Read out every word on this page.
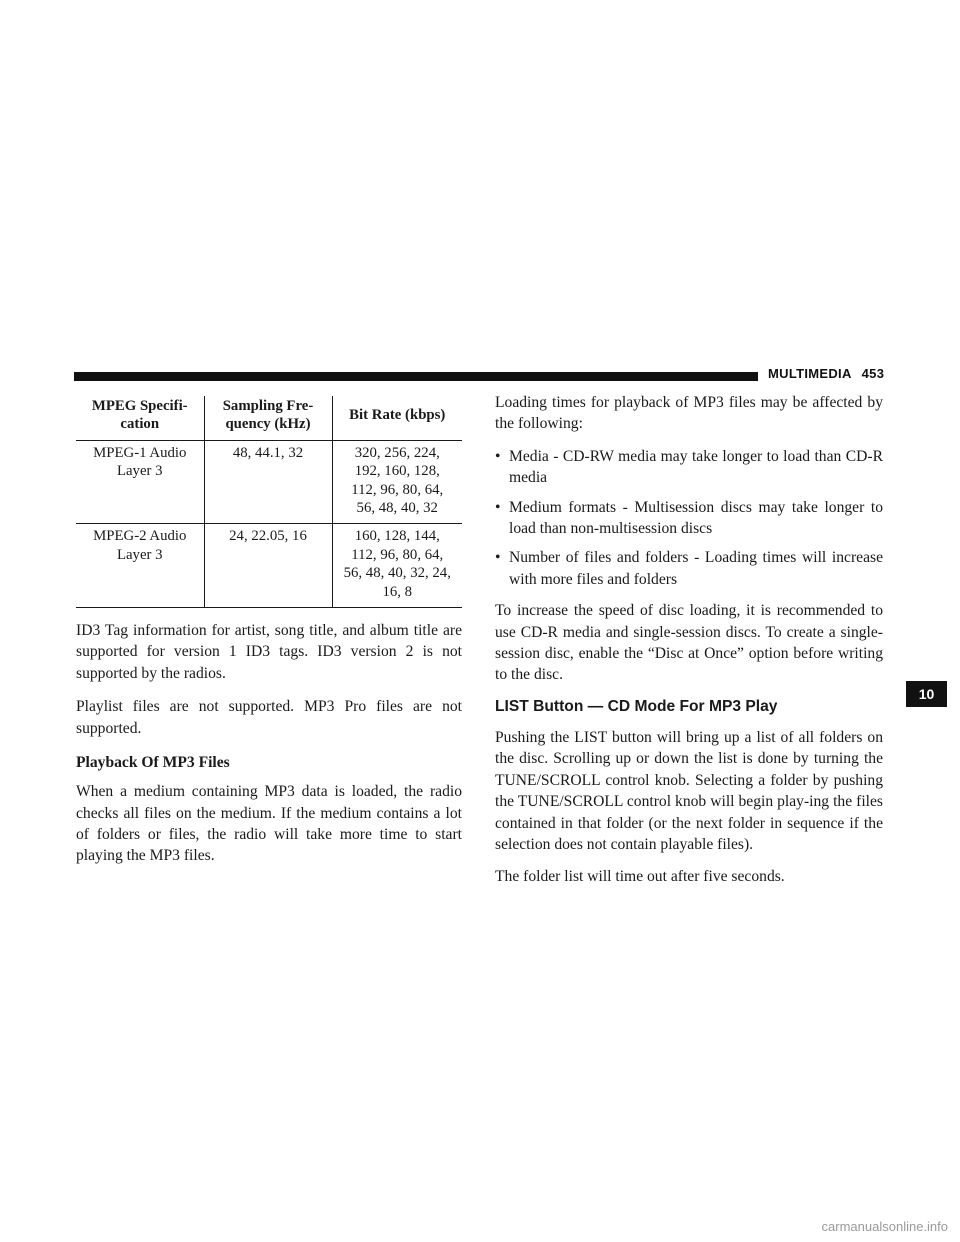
MULTIMEDIA 453
MPEG Specifi-
cation	Sampling Fre-
quency (kHz)	Bit Rate (kbps)
MPEG-1 Audio
Layer 3	48, 44.1, 32	320, 256, 224,
192, 160, 128,
112, 96, 80, 64,
56, 48, 40, 32

MPEG-2 Audio
Layer 3	24, 22.05, 16	160, 128, 144,
112, 96, 80, 64,
56, 48, 40, 32, 24,
16, 8

ID3 Tag information for artist, song title, and album title are supported for version 1 ID3 tags. ID3 version 2 is not supported by the radios.

Playlist files are not supported. MP3 Pro files are not supported.

Playback Of MP3 Files

When a medium containing MP3 data is loaded, the radio checks all files on the medium. If the medium contains a lot of folders or files, the radio will take more time to start playing the MP3 files.

Loading times for playback of MP3 files may be affected by the following:

• Media - CD-RW media may take longer to load than CD-R media
• Medium formats - Multisession discs may take longer to load than non-multisession discs
• Number of files and folders - Loading times will increase with more files and folders

To increase the speed of disc loading, it is recommended to use CD-R media and single-session discs. To create a single-session disc, enable the “Disc at Once” option before writing to the disc.

LIST Button — CD Mode For MP3 Play

Pushing the LIST button will bring up a list of all folders on the disc. Scrolling up or down the list is done by turning the TUNE/SCROLL control knob. Selecting a folder by pushing the TUNE/SCROLL control knob will begin play-ing the files contained in that folder (or the next folder in sequence if the selection does not contain playable files).

The folder list will time out after five seconds.

10
carmanualsonline.info
